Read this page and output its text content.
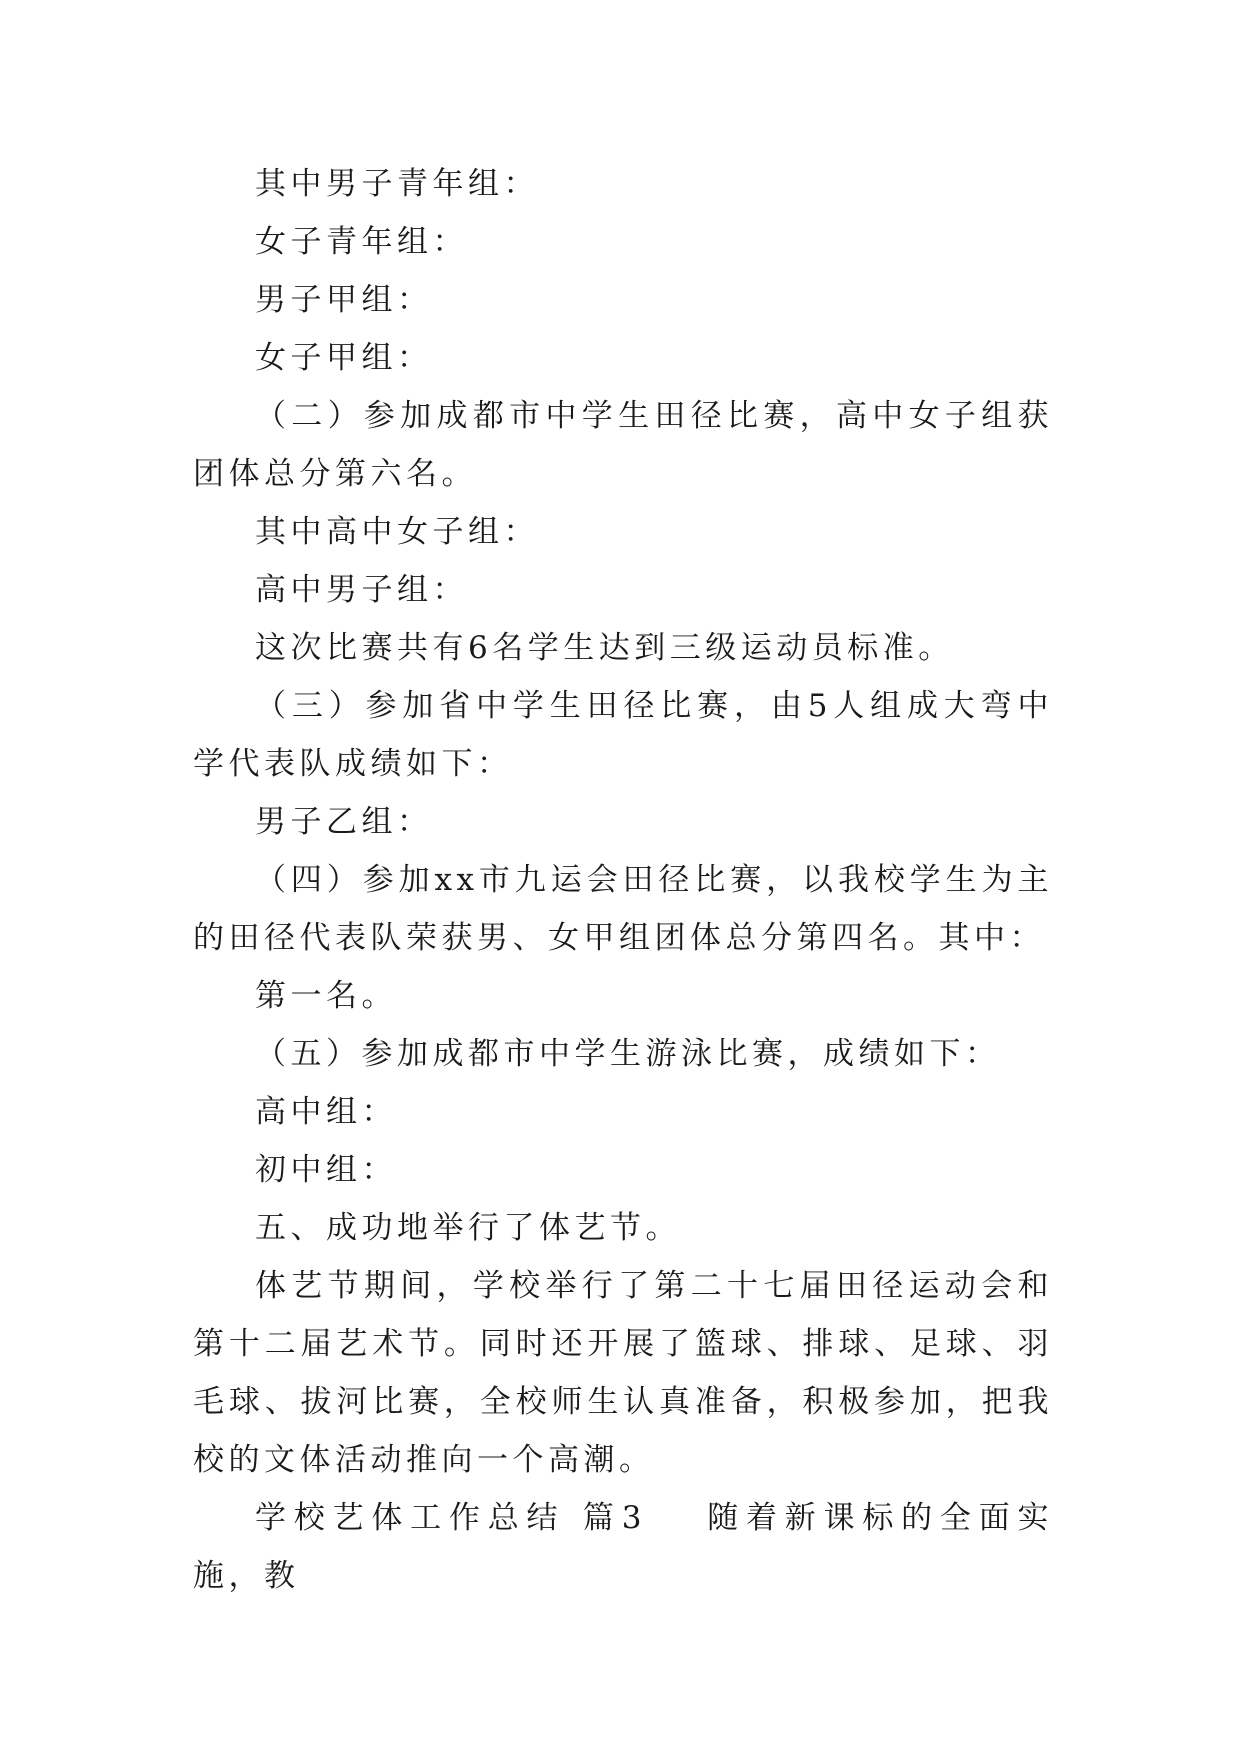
其中男子青年组：

女子青年组：

男子甲组：

女子甲组：

（二）参加成都市中学生田径比赛，高中女子组获团体总分第六名。

其中高中女子组：

高中男子组：

这次比赛共有6名学生达到三级运动员标准。

（三）参加省中学生田径比赛，由5人组成大弯中学代表队成绩如下：

男子乙组：

（四）参加xx市九运会田径比赛，以我校学生为主的田径代表队荣获男、女甲组团体总分第四名。其中：

第一名。

（五）参加成都市中学生游泳比赛，成绩如下：

高中组：

初中组：

五、成功地举行了体艺节。

体艺节期间，学校举行了第二十七届田径运动会和第十二届艺术节。同时还开展了篮球、排球、足球、羽毛球、拔河比赛，全校师生认真准备，积极参加，把我校的文体活动推向一个高潮。

学校艺体工作总结 篇3 随着新课标的全面实施，教
